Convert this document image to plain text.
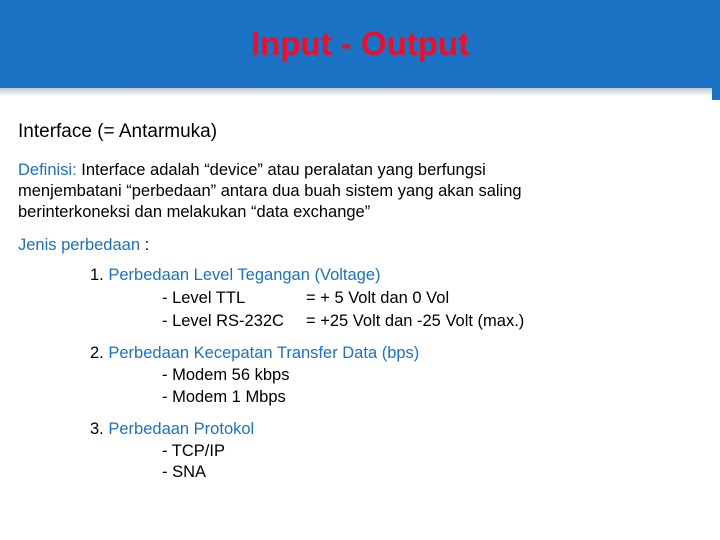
Input - Output
Interface (= Antarmuka)
Definisi: Interface adalah “device” atau peralatan yang berfungsi
menjembatani “perbedaan” antara dua buah sistem yang akan saling
berinterkoneksi dan melakukan “data exchange”
Jenis perbedaan :
1. Perbedaan Level Tegangan (Voltage)
- Level TTL	= + 5 Volt dan 0 Vol
- Level RS-232C = +25 Volt dan -25 Volt (max.)
2. Perbedaan Kecepatan Transfer Data (bps)
- Modem 56 kbps
- Modem 1 Mbps
3. Perbedaan Protokol
- TCP/IP
- SNA
